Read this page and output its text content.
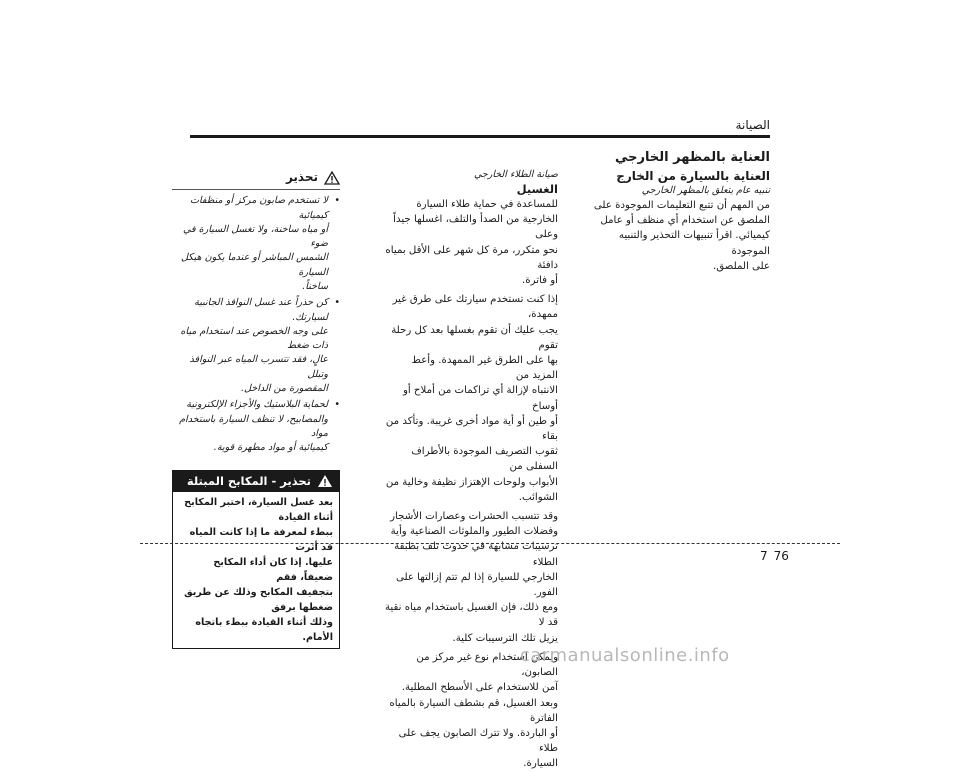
الصيانة
العناية بالمظهر الخارجي
العناية بالسيارة من الخارج
تنبيه عام يتعلق بالمظهر الخارجي
من المهم أن تتبع التعليمات الموجودة على
الملصق عن استخدام أي منظف أو عامل
كيميائي. اقرأ تنبيهات التحذير والتنبيه الموجودة
على الملصق.
صيانة الطلاء الخارجي
الغسيل
للمساعدة في حماية طلاء السيارة
الخارجية من الصدأ والتلف، اغسلها جيداً وعلى
نحو متكرر، مرة كل شهر على الأقل بمياه دافئة
أو فاترة.
إذا كنت تستخدم سيارتك على طرق غير ممهدة،
يجب عليك أن تقوم بغسلها بعد كل رحلة تقوم
بها على الطرق غير الممهدة. وأعط المزيد من
الانتباه لإزالة أي تراكمات من أملاح أو أوساخ
أو طين أو أية مواد أخرى غريبة. وتأكد من بقاء
ثقوب التصريف الموجودة بالأطراف السفلى من
الأبواب ولوحات الإهتزاز نظيفة وخالية من
الشوائب.
وقد تتسبب الحشرات وعصارات الأشجار
وفضلات الطيور والملوثات الصناعية وأية
ترسيبات مشابهة في حدوث تلف بطبقة الطلاء
الخارجي للسيارة إذا لم تتم إزالتها على الفور.
ومع ذلك، فإن الغسيل باستخدام مياه نقية قد لا
يزيل تلك الترسيبات كلية.
ويمكن استخدام نوع غير مركز من الصابون،
آمن للاستخدام على الأسطح المطلية.
وبعد الغسيل، قم بشطف السيارة بالمياه الفاترة
أو الباردة. ولا تترك الصابون يجف على طلاء
السيارة.
تحذير
• لا تستخدم صابون مركز أو منظفات كيميائية
أو مياه ساخنة، ولا تغسل السيارة في ضوء
الشمس المباشر أو عندما يكون هيكل السيارة
ساخناً.
• كن حذراً عند غسل النوافذ الجانبية لسيارتك.
على وجه الخصوص عند استخدام مياه ذات ضغط
عالٍ، فقد تتسرب المياه عبر النوافذ وتبلل
المقصورة من الداخل.
• لحماية البلاستيك والأجزاء الإلكترونية
والمصابيح، لا تنظف السيارة باستخدام مواد
كيميائية أو مواد مطهرة قوية.
تحذير - المكابح المبتلة
بعد غسل السيارة، اختبر المكابح أثناء القيادة
ببطء لمعرفة ما إذا كانت المياه قد أثرت
عليها. إذا كان أداء المكابح ضعيفاً، فقم
بتجفيف المكابح وذلك عن طريق ضغطها برفق
وذلك أثناء القيادة ببطء باتجاه الأمام.
7 76
carmanualsonline.info
